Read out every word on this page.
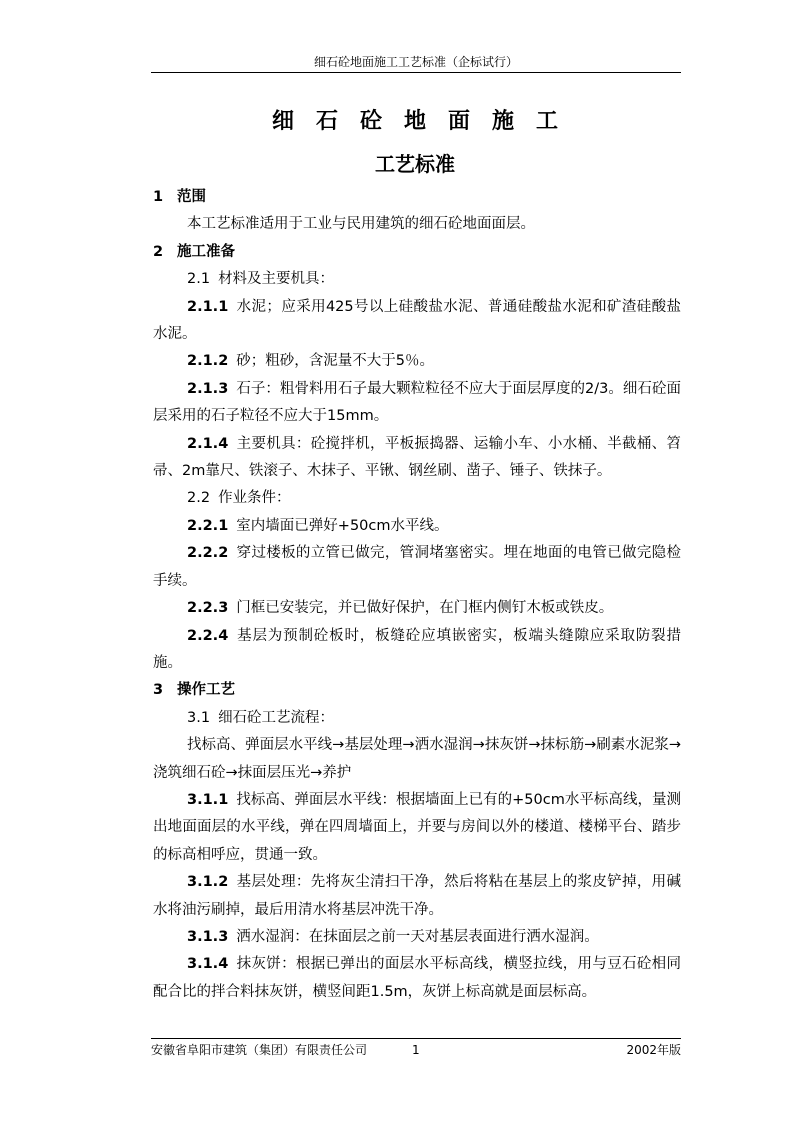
细石砼地面施工工艺标准（企标试行）
细石砼地面施工
工艺标准

1 范围

本工艺标准适用于工业与民用建筑的细石砼地面面层。

2 施工准备

2.1 材料及主要机具：

2.1.1 水泥；应采用425号以上硅酸盐水泥、普通硅酸盐水泥和矿渣硅酸盐水泥。

2.1.2 砂；粗砂，含泥量不大于5％。

2.1.3 石子：粗骨料用石子最大颗粒粒径不应大于面层厚度的2/3。细石砼面层采用的石子粒径不应大于15mm。

2.1.4 主要机具：砼搅拌机，平板振捣器、运输小车、小水桶、半截桶、笤帚、2m靠尺、铁滚子、木抹子、平锹、钢丝刷、凿子、锤子、铁抹子。

2.2 作业条件：

2.2.1 室内墙面已弹好+50cm水平线。

2.2.2 穿过楼板的立管已做完，管洞堵塞密实。埋在地面的电管已做完隐检手续。

2.2.3 门框已安装完，并已做好保护，在门框内侧钉木板或铁皮。

2.2.4 基层为预制砼板时，板缝砼应填嵌密实，板端头缝隙应采取防裂措施。

3 操作工艺

3.1 细石砼工艺流程：

找标高、弹面层水平线→基层处理→洒水湿润→抹灰饼→抹标筋→刷素水泥浆→浇筑细石砼→抹面层压光→养护

3.1.1 找标高、弹面层水平线：根据墙面上已有的+50cm水平标高线，量测出地面面层的水平线，弹在四周墙面上，并要与房间以外的楼道、楼梯平台、踏步的标高相呼应，贯通一致。

3.1.2 基层处理：先将灰尘清扫干净，然后将粘在基层上的浆皮铲掉，用碱水将油污刷掉，最后用清水将基层冲洗干净。

3.1.3 洒水湿润：在抹面层之前一天对基层表面进行洒水湿润。

3.1.4 抹灰饼：根据已弹出的面层水平标高线，横竖拉线，用与豆石砼相同配合比的拌合料抹灰饼，横竖间距1.5m，灰饼上标高就是面层标高。

安徽省阜阳市建筑（集团）有限责任公司	1	2002年版
